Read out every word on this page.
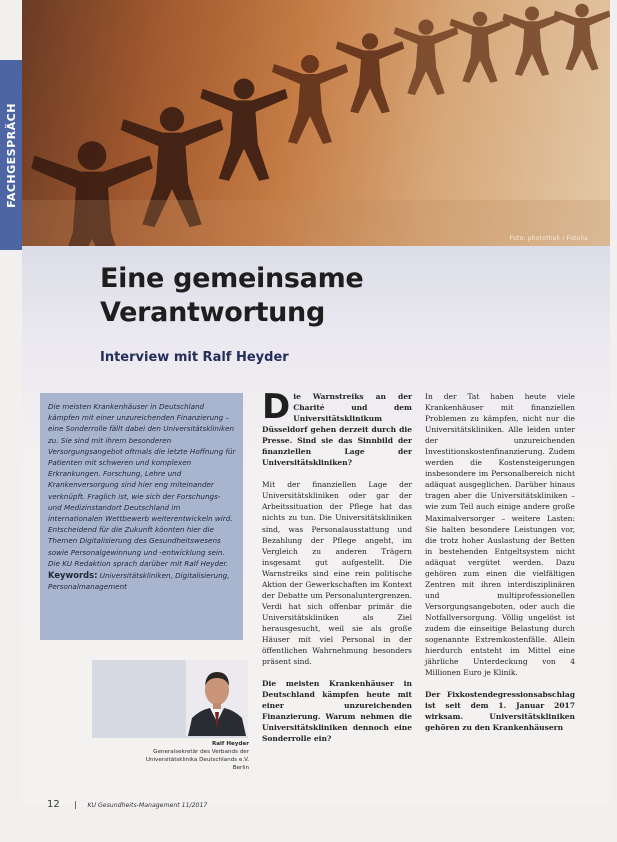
Foto: photothek / Fotolia
FACHGESPRÄCH
Eine gemeinsame
Verantwortung
Interview mit Ralf Heyder

Die meisten Krankenhäuser in Deutschland kämpfen mit einer unzureichenden Finanzierung – eine Sonderrolle fällt dabei den Universitätskliniken zu. Sie sind mit ihrem besonderen Versorgungsangebot oftmals die letzte Hoffnung für Patienten mit schweren und komplexen Erkrankungen. Forschung, Lehre und Krankenversorgung sind hier eng miteinander verknüpft. Fraglich ist, wie sich der Forschungs- und Medizinstandort Deutschland im internationalen Wettbewerb weiterentwickeln wird. Entscheidend für die Zukunft könnten hier die Themen Digitalisierung des Gesundheitswesens sowie Personalgewinnung und -entwicklung sein. Die KU Redaktion sprach darüber mit Ralf Heyder.

Keywords: Universitätskliniken, Digitalisierung, Personalmanagement

Ralf Heyder
Generalsekretär des Verbands der
Universitätsklinika Deutschlands e.V.
Berlin

Die Warnstreiks an der Charité und dem Universitätsklinikum Düsseldorf gehen derzeit durch die Presse. Sind sie das Sinnbild der finanziellen Lage der Universitätskliniken?

Mit der finanziellen Lage der Universitätskliniken oder gar der Arbeitssituation der Pflege hat das nichts zu tun. Die Universitätskliniken sind, was Personalausstattung und Bezahlung der Pflege angeht, im Vergleich zu anderen Trägern insgesamt gut aufgestellt. Die Warnstreiks sind eine rein politische Aktion der Gewerkschaften im Kontext der Debatte um Personaluntergrenzen. Verdi hat sich offenbar primär die Universitätskliniken als Ziel herausgesucht, weil sie als große Häuser mit viel Personal in der öffentlichen Wahrnehmung besonders präsent sind.

Die meisten Krankenhäuser in Deutschland kämpfen heute mit einer unzureichenden Finanzierung. Warum nehmen die Universitätskliniken dennoch eine Sonderrolle ein?

In der Tat haben heute viele Krankenhäuser mit finanziellen Problemen zu kämpfen, nicht nur die Universitätskliniken. Alle leiden unter der unzureichenden Investitionskostenfinanzierung. Zudem werden die Kostensteigerungen insbesondere im Personalbereich nicht adäquat ausgeglichen. Darüber hinaus tragen aber die Universitätskliniken – wie zum Teil auch einige andere große Maximalversorger – weitere Lasten: Sie halten besondere Leistungen vor, die trotz hoher Auslastung der Betten in bestehenden Entgeltsystem nicht adäquat vergütet werden. Dazu gehören zum einen die vielfältigen Zentren mit ihren interdisziplinären und multiprofessionellen Versorgungsangeboten, oder auch die Notfallversorgung. Völlig ungelöst ist zudem die einseitige Belastung durch sogenannte Extremkostenfälle. Allein hierdurch entsteht im Mittel eine jährliche Unterdeckung von 4 Millionen Euro je Klinik.

Der Fixkostendegressionsabschlag ist seit dem 1. Januar 2017 wirksam. Universitätskliniken gehören zu den Krankenhäusern

12 | KU Gesundheits-Management 11/2017
